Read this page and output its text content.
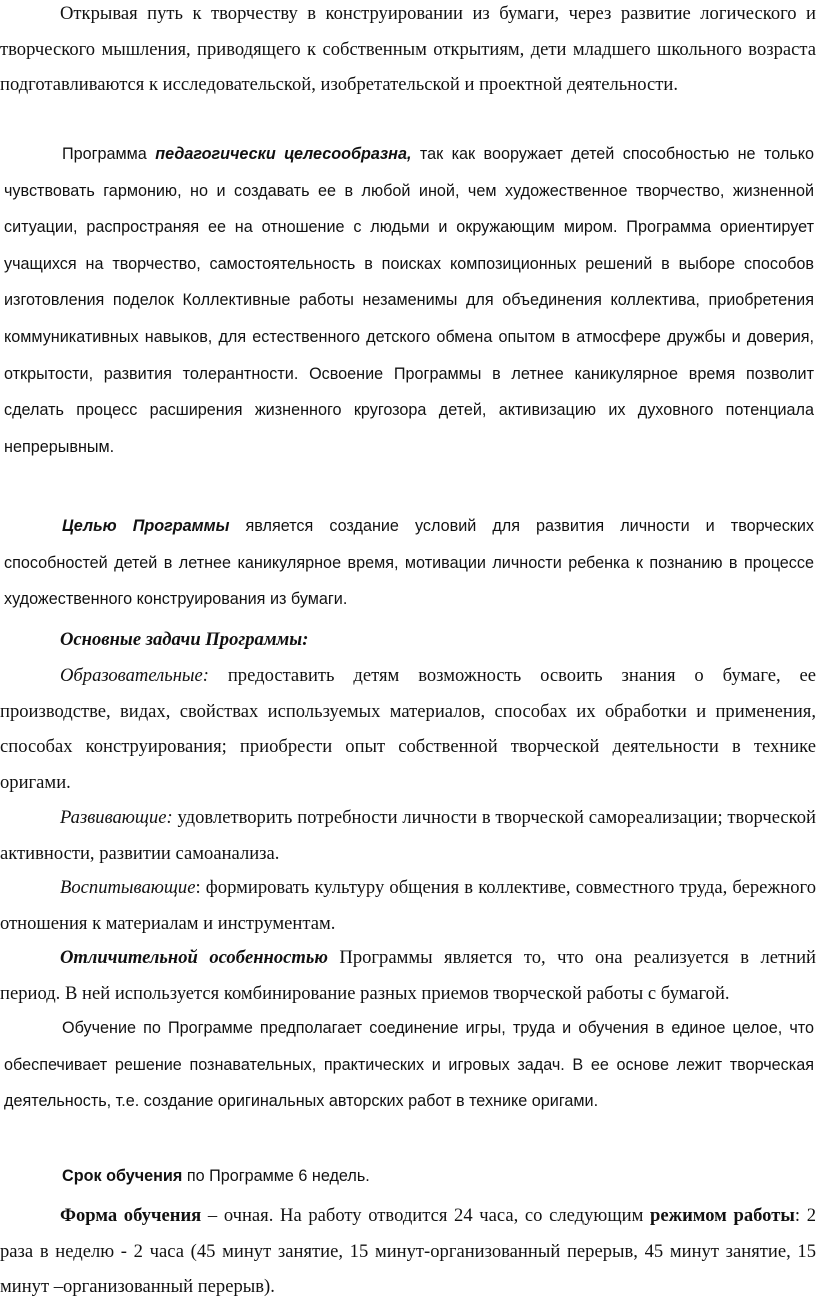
Открывая путь к творчеству в конструировании из бумаги, через развитие логического и творческого мышления, приводящего к собственным открытиям, дети младшего школьного возраста подготавливаются к исследовательской, изобретательской и проектной деятельности.

Программа педагогически целесообразна, так как вооружает детей способностью не только чувствовать гармонию, но и создавать ее в любой иной, чем художественное творчество, жизненной ситуации, распространяя ее на отношение с людьми и окружающим миром. Программа ориентирует учащихся на творчество, самостоятельность в поисках композиционных решений в выборе способов изготовления поделок Коллективные работы незаменимы для объединения коллектива, приобретения коммуникативных навыков, для естественного детского обмена опытом в атмосфере дружбы и доверия, открытости, развития толерантности. Освоение Программы в летнее каникулярное время позволит сделать процесс расширения жизненного кругозора детей, активизацию их духовного потенциала непрерывным.

Целью Программы является создание условий для развития личности и творческих способностей детей в летнее каникулярное время, мотивации личности ребенка к познанию в процессе художественного конструирования из бумаги.

Основные задачи Программы:

Образовательные: предоставить детям возможность освоить знания о бумаге, ее производстве, видах, свойствах используемых материалов, способах их обработки и применения, способах конструирования; приобрести опыт собственной творческой деятельности в технике оригами.

Развивающие: удовлетворить потребности личности в творческой самореализации; творческой активности, развитии самоанализа.

Воспитывающие: формировать культуру общения в коллективе, совместного труда, бережного отношения к материалам и инструментам.

Отличительной особенностью Программы является то, что она реализуется в летний период. В ней используется комбинирование разных приемов творческой работы с бумагой.

Обучение по Программе предполагает соединение игры, труда и обучения в единое целое, что обеспечивает решение познавательных, практических и игровых задач. В ее основе лежит творческая деятельность, т.е. создание оригинальных авторских работ в технике оригами.

Срок обучения по Программе 6 недель.

Форма обучения – очная. На работу отводится 24 часа, со следующим режимом работы: 2 раза в неделю - 2 часа (45 минут занятие, 15 минут-организованный перерыв, 45 минут занятие, 15 минут –организованный перерыв).
